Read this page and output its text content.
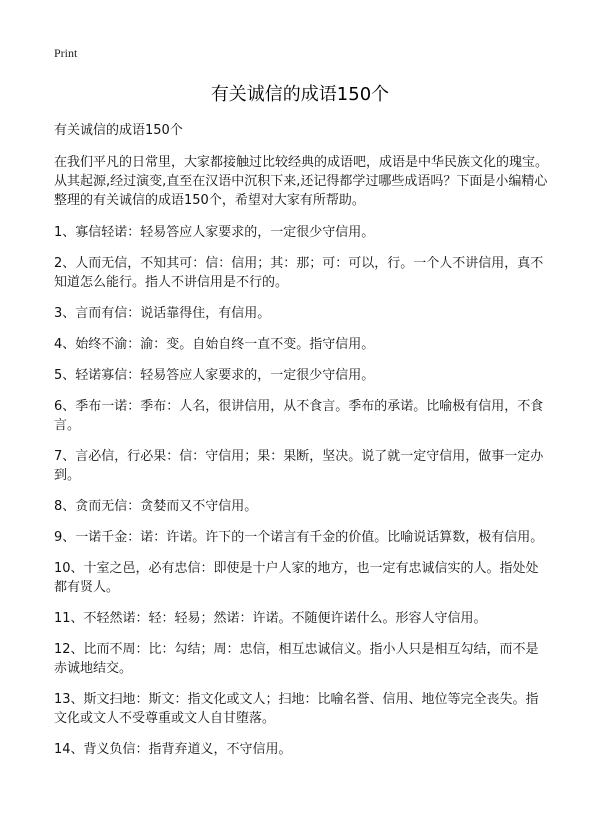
Print
有关诚信的成语150个

有关诚信的成语150个

在我们平凡的日常里，大家都接触过比较经典的成语吧，成语是中华民族文化的瑰宝。从其起源,经过演变,直至在汉语中沉积下来,还记得都学过哪些成语吗？下面是小编精心整理的有关诚信的成语150个，希望对大家有所帮助。

1、寡信轻诺：轻易答应人家要求的，一定很少守信用。

2、人而无信，不知其可：信：信用；其：那；可：可以，行。一个人不讲信用，真不知道怎么能行。指人不讲信用是不行的。

3、言而有信：说话靠得住，有信用。

4、始终不渝：渝：变。自始自终一直不变。指守信用。

5、轻诺寡信：轻易答应人家要求的，一定很少守信用。

6、季布一诺：季布：人名，很讲信用，从不食言。季布的承诺。比喻极有信用，不食言。

7、言必信，行必果：信：守信用；果：果断，坚决。说了就一定守信用，做事一定办到。

8、贪而无信：贪婪而又不守信用。

9、一诺千金：诺：许诺。许下的一个诺言有千金的价值。比喻说话算数，极有信用。

10、十室之邑，必有忠信：即使是十户人家的地方，也一定有忠诚信实的人。指处处都有贤人。

11、不轻然诺：轻：轻易；然诺：许诺。不随便许诺什么。形容人守信用。

12、比而不周：比：勾结；周：忠信，相互忠诚信义。指小人只是相互勾结，而不是赤诚地结交。

13、斯文扫地：斯文：指文化或文人；扫地：比喻名誉、信用、地位等完全丧失。指文化或文人不受尊重或文人自甘堕落。

14、背义负信：指背弃道义，不守信用。
